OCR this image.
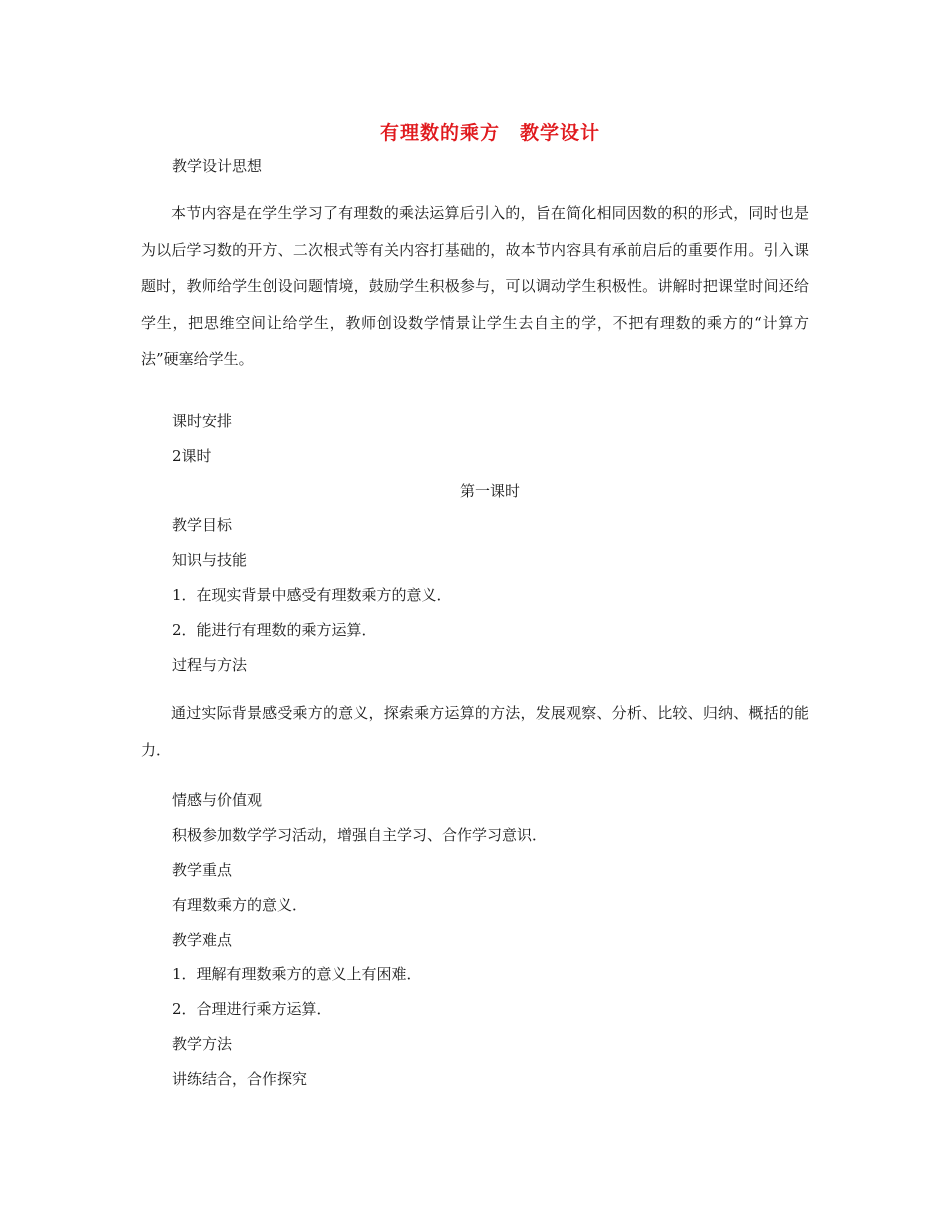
有理数的乘方　教学设计
教学设计思想
本节内容是在学生学习了有理数的乘法运算后引入的，旨在简化相同因数的积的形式，同时也是为以后学习数的开方、二次根式等有关内容打基础的，故本节内容具有承前启后的重要作用。引入课题时，教师给学生创设问题情境，鼓励学生积极参与，可以调动学生积极性。讲解时把课堂时间还给学生，把思维空间让给学生，教师创设数学情景让学生去自主的学，不把有理数的乘方的“计算方法”硬塞给学生。
课时安排
2课时
第一课时
教学目标
知识与技能
1．在现实背景中感受有理数乘方的意义．
2．能进行有理数的乘方运算．
过程与方法
通过实际背景感受乘方的意义，探索乘方运算的方法，发展观察、分析、比较、归纳、概括的能力．
情感与价值观
积极参加数学学习活动，增强自主学习、合作学习意识．
教学重点
有理数乘方的意义．
教学难点
1．理解有理数乘方的意义上有困难．
2．合理进行乘方运算．
教学方法
讲练结合，合作探究
